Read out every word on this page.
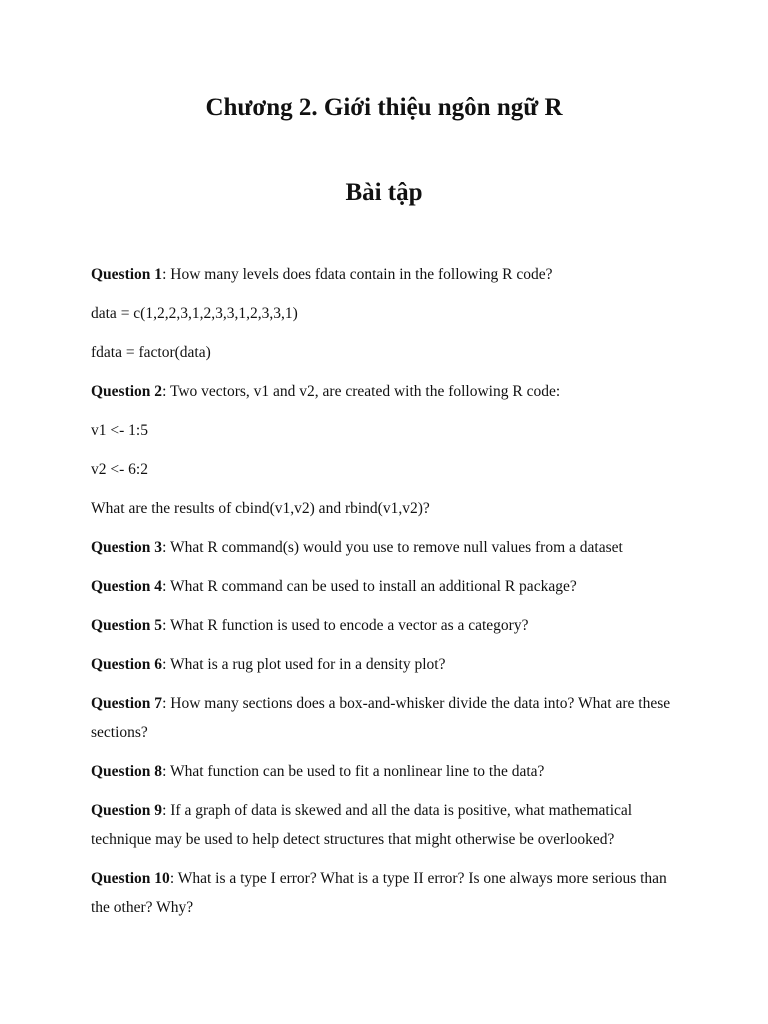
Chương 2. Giới thiệu ngôn ngữ R
Bài tập

Question 1: How many levels does fdata contain in the following R code?

data = c(1,2,2,3,1,2,3,3,1,2,3,3,1)

fdata = factor(data)

Question 2: Two vectors, v1 and v2, are created with the following R code:

v1 <- 1:5

v2 <- 6:2

What are the results of cbind(v1,v2) and rbind(v1,v2)?

Question 3: What R command(s) would you use to remove null values from a dataset

Question 4: What R command can be used to install an additional R package?

Question 5: What R function is used to encode a vector as a category?

Question 6: What is a rug plot used for in a density plot?

Question 7: How many sections does a box-and-whisker divide the data into? What are these sections?

Question 8: What function can be used to fit a nonlinear line to the data?

Question 9: If a graph of data is skewed and all the data is positive, what mathematical technique may be used to help detect structures that might otherwise be overlooked?

Question 10: What is a type I error? What is a type II error? Is one always more serious than the other? Why?
